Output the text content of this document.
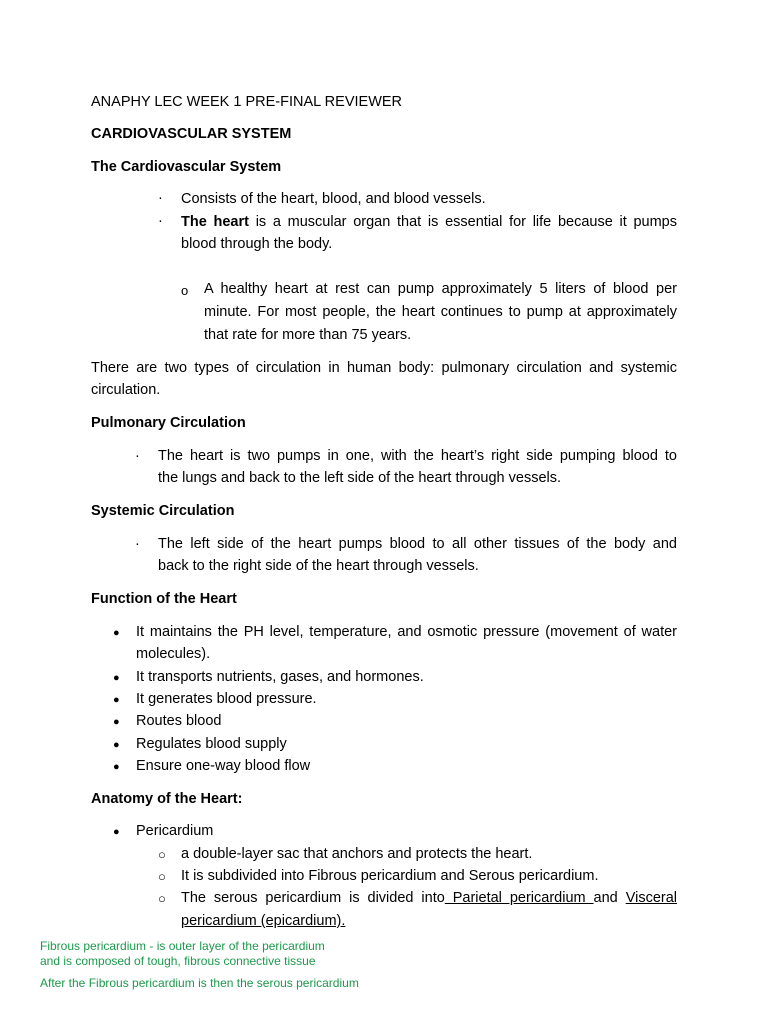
ANAPHY LEC WEEK 1 PRE-FINAL REVIEWER
CARDIOVASCULAR SYSTEM
The Cardiovascular System
· Consists of the heart, blood, and blood vessels.
· The heart is a muscular organ that is essential for life because it pumps
blood through the body.
o A healthy heart at rest can pump approximately 5 liters of blood per
minute. For most people, the heart continues to pump at approximately
that rate for more than 75 years.
There are two types of circulation in human body: pulmonary circulation and systemic
circulation.
Pulmonary Circulation
· The heart is two pumps in one, with the heart’s right side pumping blood to
the lungs and back to the left side of the heart through vessels.
Systemic Circulation
· The left side of the heart pumps blood to all other tissues of the body and
back to the right side of the heart through vessels.
Function of the Heart
● It maintains the PH level, temperature, and osmotic pressure (movement of water
molecules).
● It transports nutrients, gases, and hormones.
● It generates blood pressure.
● Routes blood
● Regulates blood supply
● Ensure one-way blood flow
Anatomy of the Heart:
● Pericardium
○ a double-layer sac that anchors and protects the heart.
○ It is subdivided into Fibrous pericardium and Serous pericardium.
○ The serous pericardium is divided into Parietal pericardium and Visceral
pericardium (epicardium).
Fibrous pericardium - is outer layer of the pericardium
and is composed of tough, fibrous connective tissue
After the Fibrous pericardium is then the serous pericardium
